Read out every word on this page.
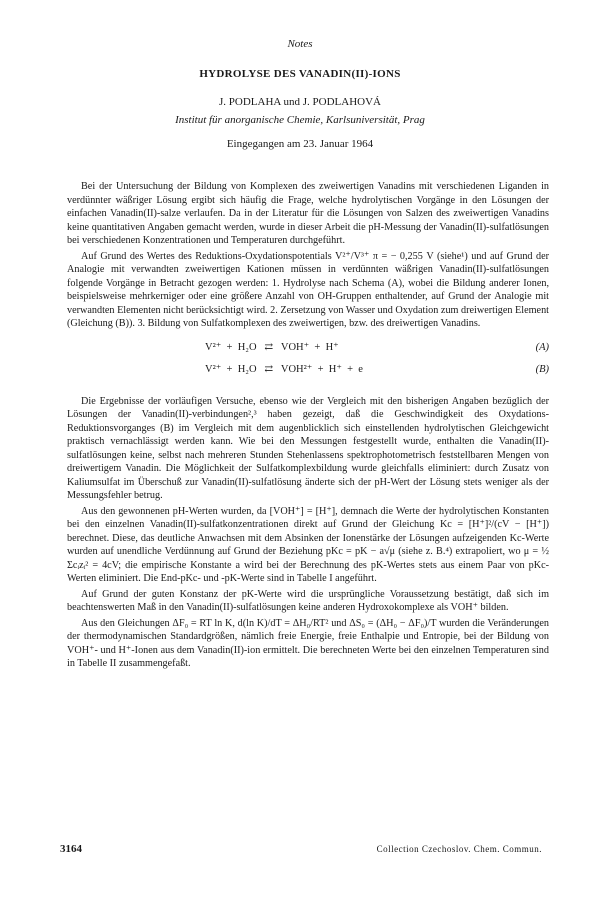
Notes
HYDROLYSE DES VANADIN(II)-IONS
J. PODLAHA und J. PODLAHOVÁ
Institut für anorganische Chemie, Karlsuniversität, Prag
Eingegangen am 23. Januar 1964

Bei der Untersuchung der Bildung von Komplexen des zweiwertigen Vanadins mit verschiedenen Liganden in verdünnter wäßriger Lösung ergibt sich häufig die Frage, welche hydrolytischen Vorgänge in den Lösungen der einfachen Vanadin(II)-salze verlaufen. Da in der Literatur für die Lösungen von Salzen des zweiwertigen Vanadins keine quantitativen Angaben gemacht werden, wurde in dieser Arbeit die pH-Messung der Vanadin(II)-sulfatlösungen bei verschiedenen Konzentrationen und Temperaturen durchgeführt.

Auf Grund des Wertes des Reduktions-Oxydationspotentials V²⁺/V³⁺ π = − 0,255 V (siehe¹) und auf Grund der Analogie mit verwandten zweiwertigen Kationen müssen in verdünnten wäßrigen Vanadin(II)-sulfatlösungen folgende Vorgänge in Betracht gezogen werden: 1. Hydrolyse nach Schema (A), wobei die Bildung anderer Ionen, beispielsweise mehrkerniger oder eine größere Anzahl von OH-Gruppen enthaltender, auf Grund der Analogie mit verwandten Elementen nicht berücksichtigt wird. 2. Zersetzung von Wasser und Oxydation zum dreiwertigen Element (Gleichung (B)). 3. Bildung von Sulfatkomplexen des zweiwertigen, bzw. des dreiwertigen Vanadins.

V²⁺  +  H₂O   ⇄   VOH⁺  +  H⁺	(A)
V²⁺  +  H₂O   ⇄   VOH²⁺  +  H⁺  +  e	(B)

Die Ergebnisse der vorläufigen Versuche, ebenso wie der Vergleich mit den bisherigen Angaben bezüglich der Lösungen der Vanadin(II)-verbindungen²,³ haben gezeigt, daß die Geschwindigkeit des Oxydations-Reduktionsvorganges (B) im Vergleich mit dem augenblicklich sich einstellenden hydrolytischen Gleichgewicht praktisch vernachlässigt werden kann. Wie bei den Messungen festgestellt wurde, enthalten die Vanadin(II)-sulfatlösungen keine, selbst nach mehreren Stunden Stehenlassens spektrophotometrisch feststellbaren Mengen von dreiwertigem Vanadin. Die Möglichkeit der Sulfatkomplexbildung wurde gleichfalls eliminiert: durch Zusatz von Kaliumsulfat im Überschuß zur Vanadin(II)-sulfatlösung änderte sich der pH-Wert der Lösung stets weniger als der Messungsfehler betrug.

Aus den gewonnenen pH-Werten wurden, da [VOH⁺] = [H⁺], demnach die Werte der hydrolytischen Konstanten bei den einzelnen Vanadin(II)-sulfatkonzentrationen direkt auf Grund der Gleichung Kc = [H⁺]²/(cV − [H⁺]) berechnet. Diese, das deutliche Anwachsen mit dem Absinken der Ionenstärke der Lösungen aufzeigenden Kc-Werte wurden auf unendliche Verdünnung auf Grund der Beziehung pKc = pK − a√μ (siehe z. B.⁴) extrapoliert, wo μ = ½ Σcᵢzᵢ² = 4cV; die empirische Konstante a wird bei der Berechnung des pK-Wertes stets aus einem Paar von pKc-Werten eliminiert. Die End-pKc- und -pK-Werte sind in Tabelle I angeführt.

Auf Grund der guten Konstanz der pK-Werte wird die ursprüngliche Voraussetzung bestätigt, daß sich im beachtenswerten Maß in den Vanadin(II)-sulfatlösungen keine anderen Hydroxokomplexe als VOH⁺ bilden.

Aus den Gleichungen ΔF₀ = RT ln K, d(ln K)/dT = ΔH₀/RT² und ΔS₀ = (ΔH₀ − ΔF₀)/T wurden die Veränderungen der thermodynamischen Standardgrößen, nämlich freie Energie, freie Enthalpie und Entropie, bei der Bildung von VOH⁺- und H⁺-Ionen aus dem Vanadin(II)-ion ermittelt. Die berechneten Werte bei den einzelnen Temperaturen sind in Tabelle II zusammengefaßt.

3164	Collection Czechoslov. Chem. Commun.
